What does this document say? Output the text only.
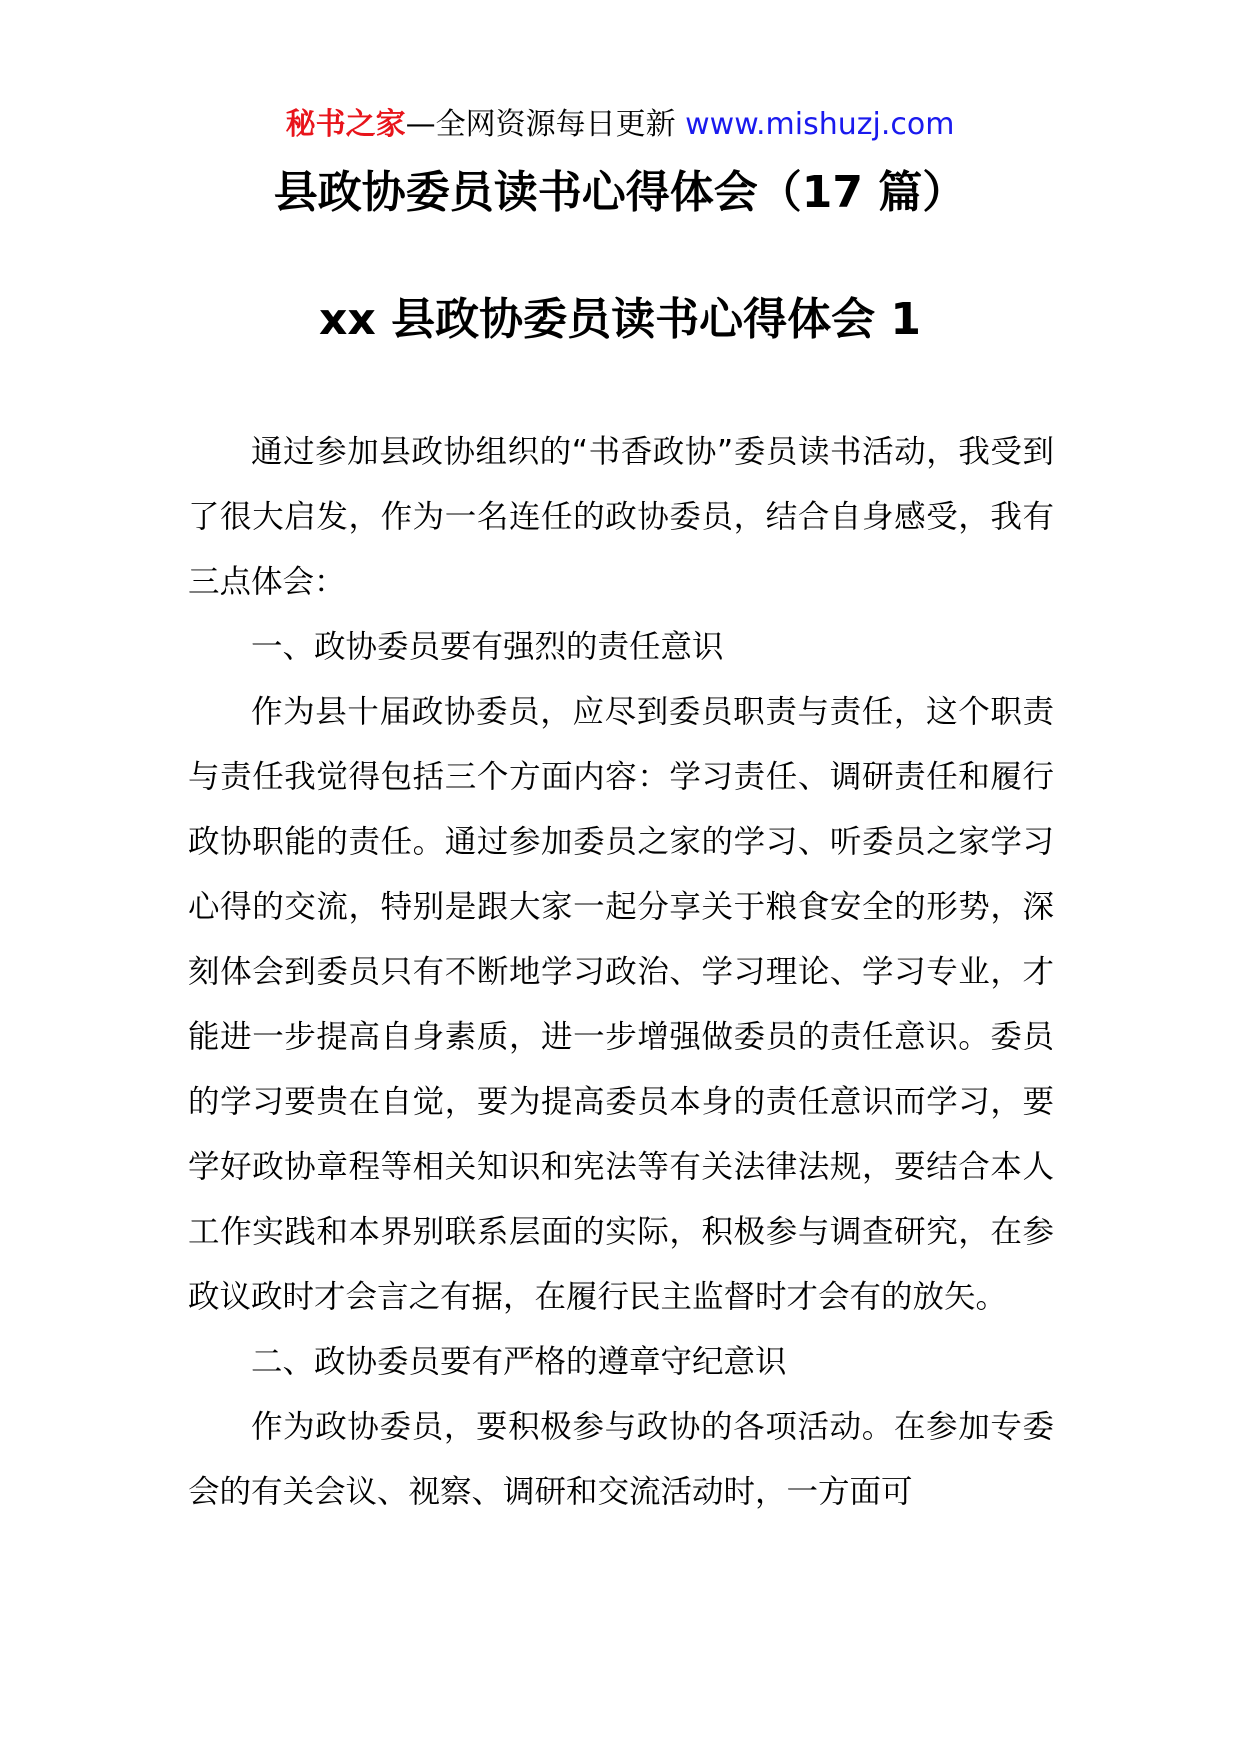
秘书之家—全网资源每日更新 www.mishuzj.com
县政协委员读书心得体会（17 篇）
xx 县政协委员读书心得体会 1

通过参加县政协组织的“书香政协”委员读书活动，我受到了很大启发，作为一名连任的政协委员，结合自身感受，我有三点体会：

一、政协委员要有强烈的责任意识

作为县十届政协委员，应尽到委员职责与责任，这个职责与责任我觉得包括三个方面内容：学习责任、调研责任和履行政协职能的责任。通过参加委员之家的学习、听委员之家学习心得的交流，特别是跟大家一起分享关于粮食安全的形势，深刻体会到委员只有不断地学习政治、学习理论、学习专业，才能进一步提高自身素质，进一步增强做委员的责任意识。委员的学习要贵在自觉，要为提高委员本身的责任意识而学习，要学好政协章程等相关知识和宪法等有关法律法规，要结合本人工作实践和本界别联系层面的实际，积极参与调查研究，在参政议政时才会言之有据，在履行民主监督时才会有的放矢。

二、政协委员要有严格的遵章守纪意识

作为政协委员，要积极参与政协的各项活动。在参加专委会的有关会议、视察、调研和交流活动时，一方面可
